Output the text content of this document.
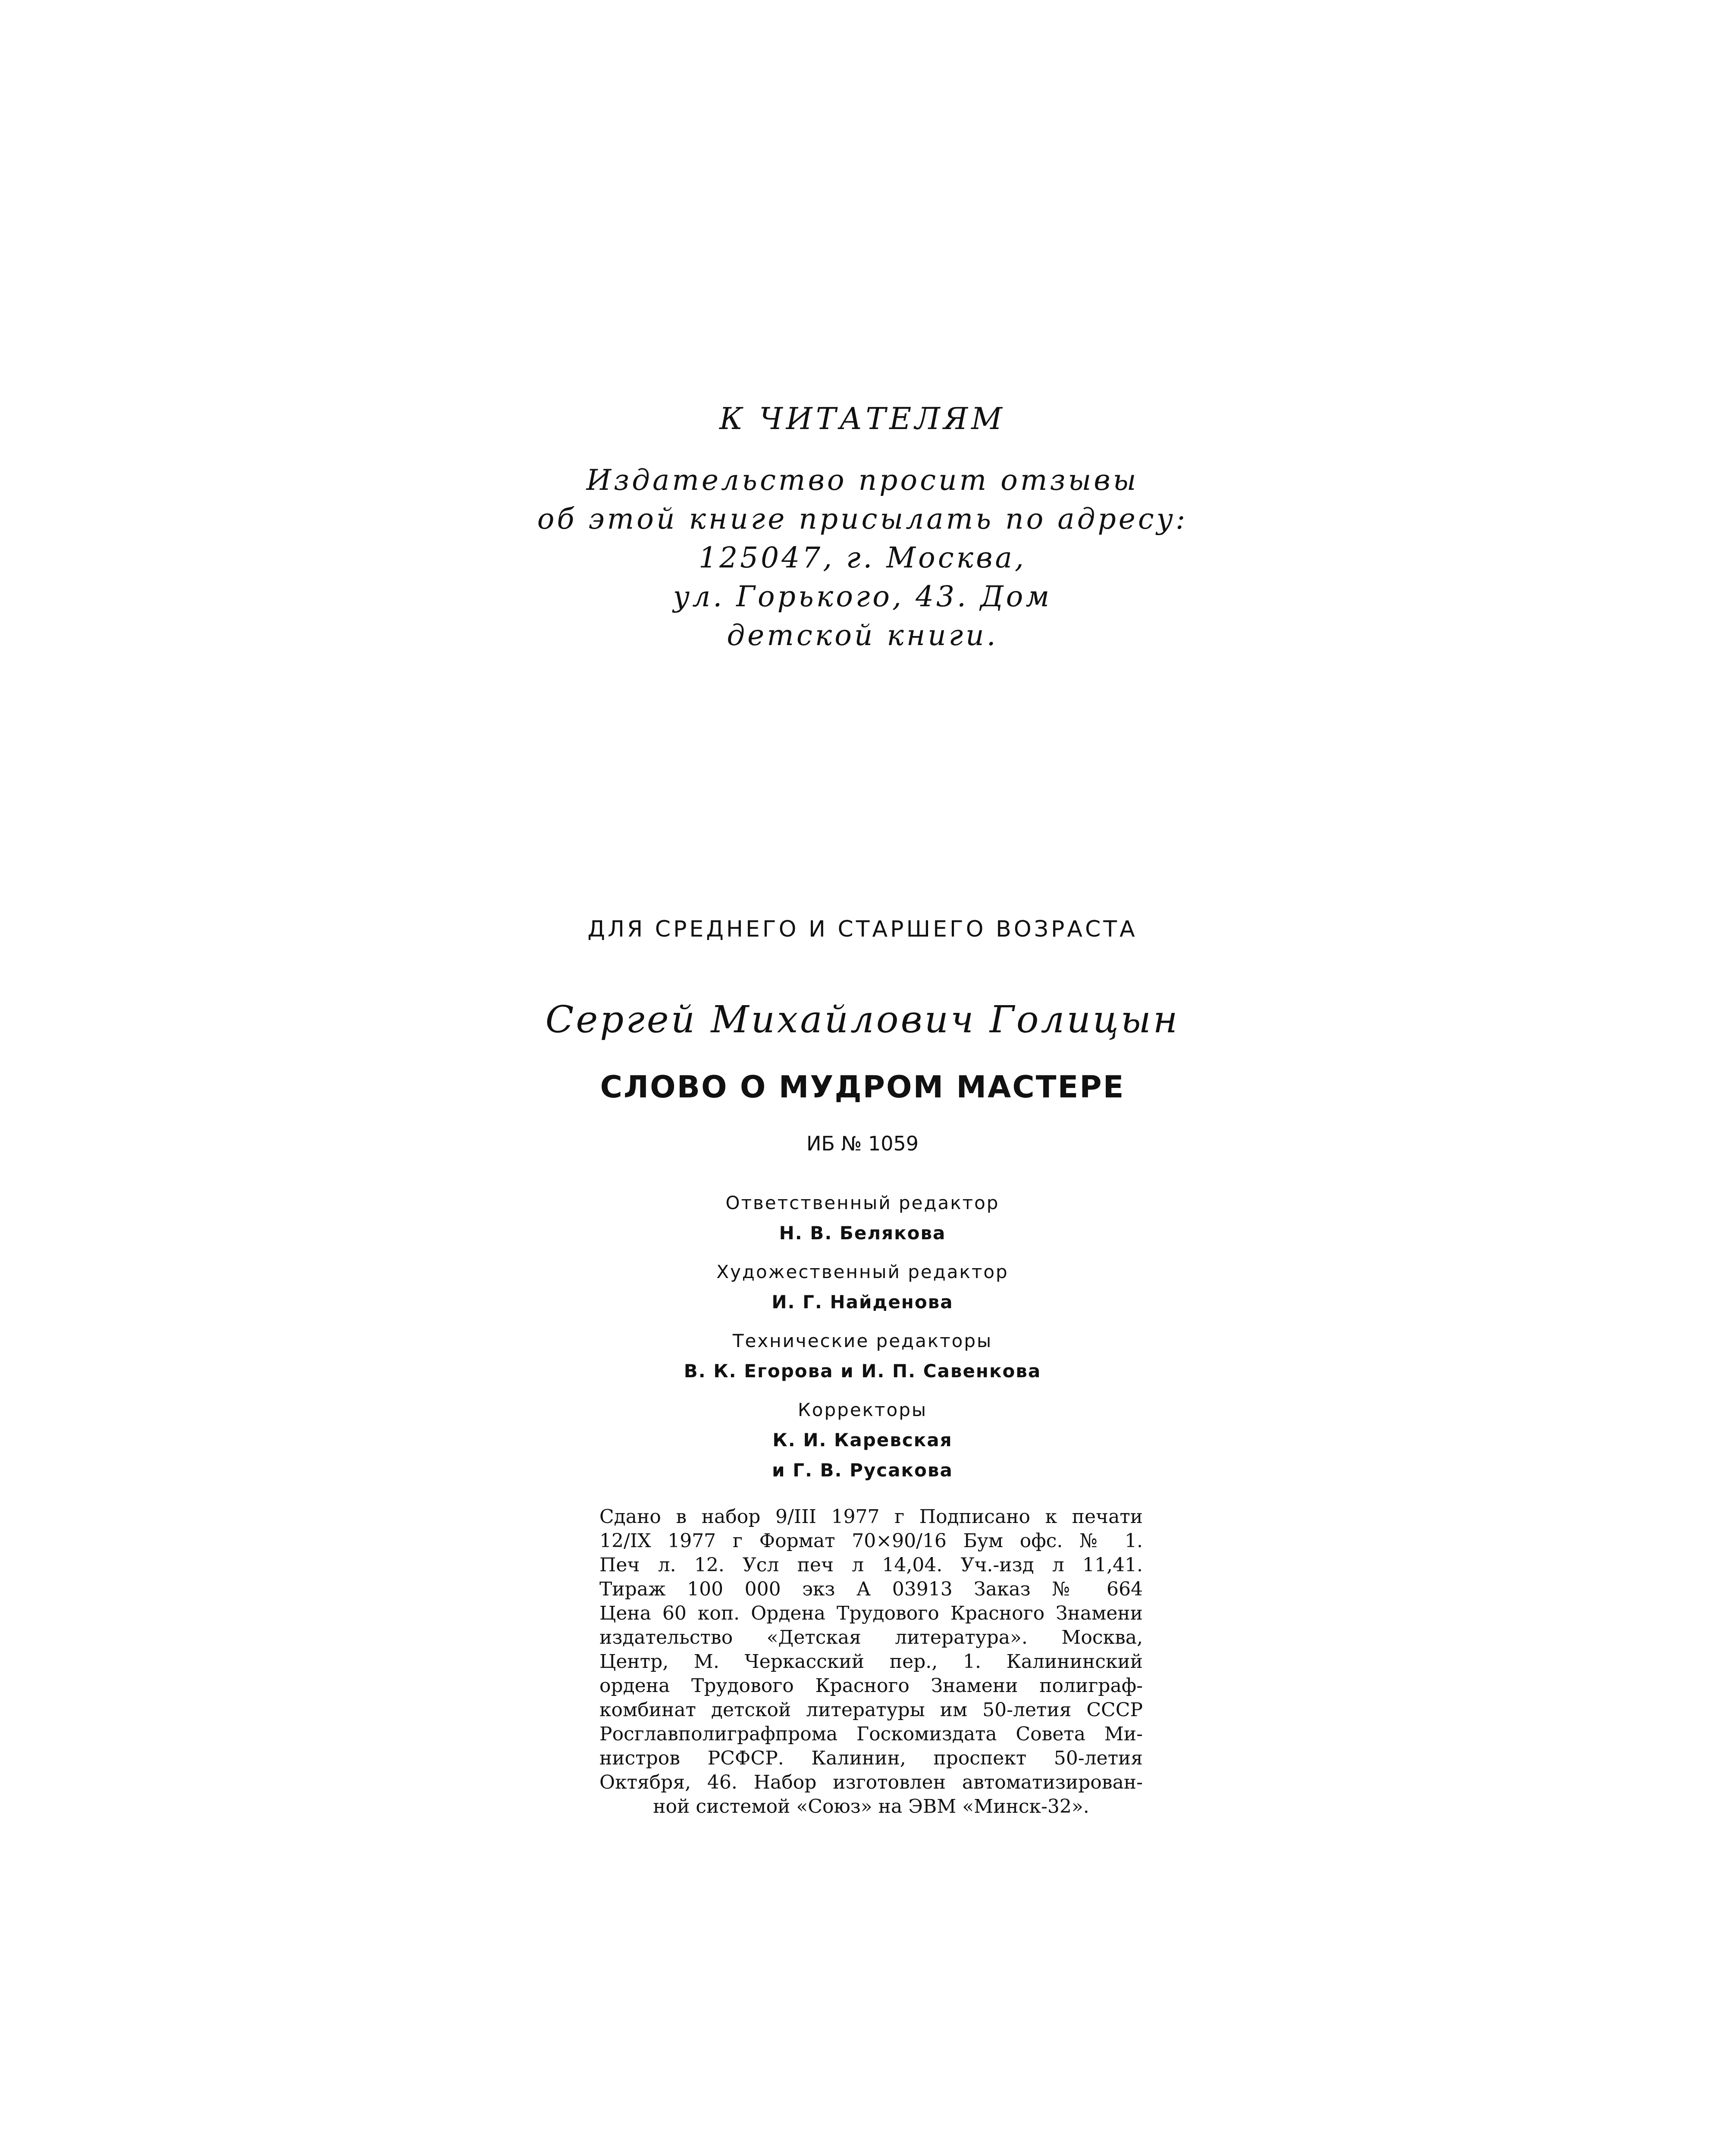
К ЧИТАТЕЛЯМ
Издательство просит отзывы
об этой книге присылать по адресу:
125047, г. Москва,
ул. Горького, 43. Дом
детской книги.
ДЛЯ СРЕДНЕГО И СТАРШЕГО ВОЗРАСТА
Сергей Михайлович Голицын
СЛОВО О МУДРОМ МАСТЕРЕ
ИБ № 1059
Ответственный редактор
Н. В. Белякова
Художественный редактор
И. Г. Найденова
Технические редакторы
В. К. Егорова и И. П. Савенкова
Корректоры
К. И. Каревская
и Г. В. Русакова
Сдано в набор 9/III 1977 г Подписано к печати
12/IX 1977 г Формат 70×90/16 Бум офс. № 1.
Печ л. 12. Усл печ л 14,04. Уч.-изд л 11,41.
Тираж 100 000 экз А 03913 Заказ № 664
Цена 60 коп. Ордена Трудового Красного Знамени
издательство «Детская литература». Москва,
Центр, М. Черкасский пер., 1. Калининский
ордена Трудового Красного Знамени полиграф-
комбинат детской литературы им 50-летия СССР
Росглавполиграфпрома Госкомиздата Совета Ми-
нистров РСФСР. Калинин, проспект 50-летия
Октября, 46. Набор изготовлен автоматизирован-
ной системой «Союз» на ЭВМ «Минск-32».
